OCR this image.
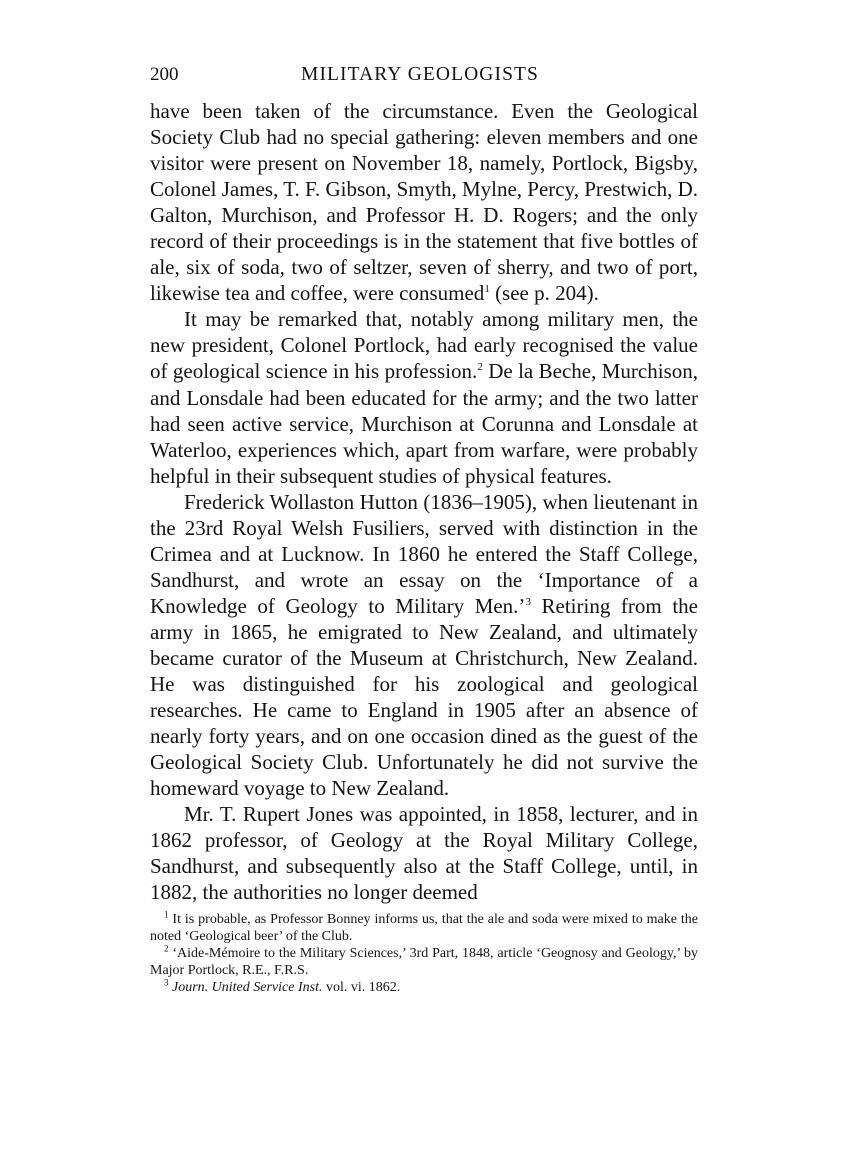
200	MILITARY GEOLOGISTS

have been taken of the circumstance. Even the Geological Society Club had no special gathering: eleven members and one visitor were present on November 18, namely, Portlock, Bigsby, Colonel James, T. F. Gibson, Smyth, Mylne, Percy, Prestwich, D. Galton, Murchison, and Professor H. D. Rogers; and the only record of their proceedings is in the statement that five bottles of ale, six of soda, two of seltzer, seven of sherry, and two of port, likewise tea and coffee, were consumed$^1$ (see p. 204).

It may be remarked that, notably among military men, the new president, Colonel Portlock, had early recognised the value of geological science in his profession.$^2$ De la Beche, Murchison, and Lonsdale had been educated for the army; and the two latter had seen active service, Murchison at Corunna and Lonsdale at Waterloo, experiences which, apart from warfare, were probably helpful in their subsequent studies of physical features.

Frederick Wollaston Hutton (1836–1905), when lieutenant in the 23rd Royal Welsh Fusiliers, served with distinction in the Crimea and at Lucknow. In 1860 he entered the Staff College, Sandhurst, and wrote an essay on the ‘Importance of a Knowledge of Geology to Military Men.’$^3$ Retiring from the army in 1865, he emigrated to New Zealand, and ultimately became curator of the Museum at Christchurch, New Zealand. He was distinguished for his zoological and geological researches. He came to England in 1905 after an absence of nearly forty years, and on one occasion dined as the guest of the Geological Society Club. Unfortunately he did not survive the homeward voyage to New Zealand.

Mr. T. Rupert Jones was appointed, in 1858, lecturer, and in 1862 professor, of Geology at the Royal Military College, Sandhurst, and subsequently also at the Staff College, until, in 1882, the authorities no longer deemed

$^1$ It is probable, as Professor Bonney informs us, that the ale and soda were mixed to make the noted ‘Geological beer’ of the Club.

$^2$ ‘Aide-Mémoire to the Military Sciences,’ 3rd Part, 1848, article ‘Geognosy and Geology,’ by Major Portlock, R.E., F.R.S.

$^3$ Journ. United Service Inst. vol. vi. 1862.
